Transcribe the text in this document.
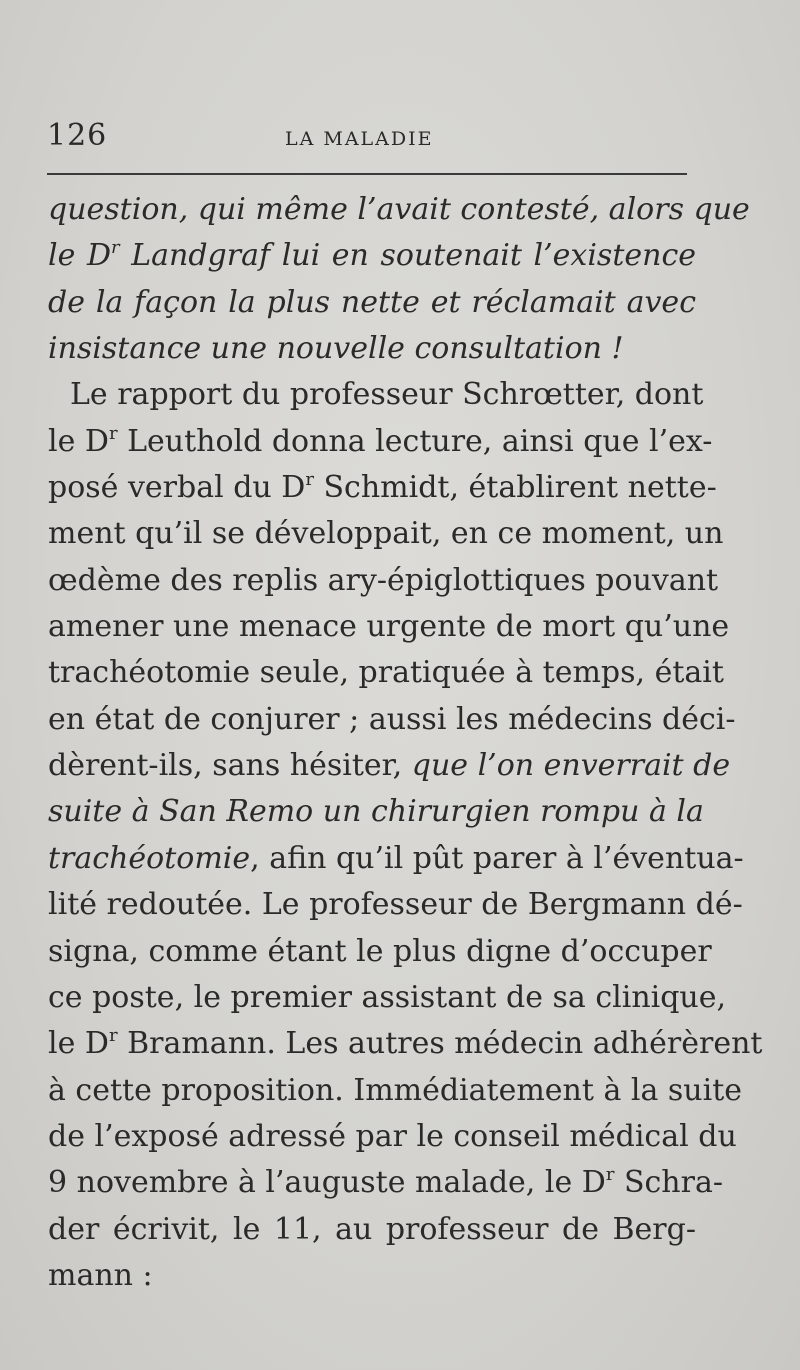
126	LA MALADIE
question, qui même l’avait contesté, alors que
le $D^r$ Landgraf lui en soutenait l’existence
de la façon la plus nette et réclamait avec
insistance une nouvelle consultation !
Le rapport du professeur Schrœtter, dont
le $D^r$ Leuthold donna lecture, ainsi que l’ex-
posé verbal du $D^r$ Schmidt, établirent nette-
ment qu’il se développait, en ce moment, un
œdème des replis ary-épiglottiques pouvant
amener une menace urgente de mort qu’une
trachéotomie seule, pratiquée à temps, était
en état de conjurer ; aussi les médecins déci-
dèrent-ils, sans hésiter, que l’on enverrait de
suite à San Remo un chirurgien rompu à la
trachéotomie, afin qu’il pût parer à l’éventua-
lité redoutée. Le professeur de Bergmann dé-
signa, comme étant le plus digne d’occuper
ce poste, le premier assistant de sa clinique,
le $D^r$ Bramann. Les autres médecin adhérèrent
à cette proposition. Immédiatement à la suite
de l’exposé adressé par le conseil médical du
9 novembre à l’auguste malade, le $D^r$ Schra-
der écrivit, le 11, au professeur de Berg-
mann :
